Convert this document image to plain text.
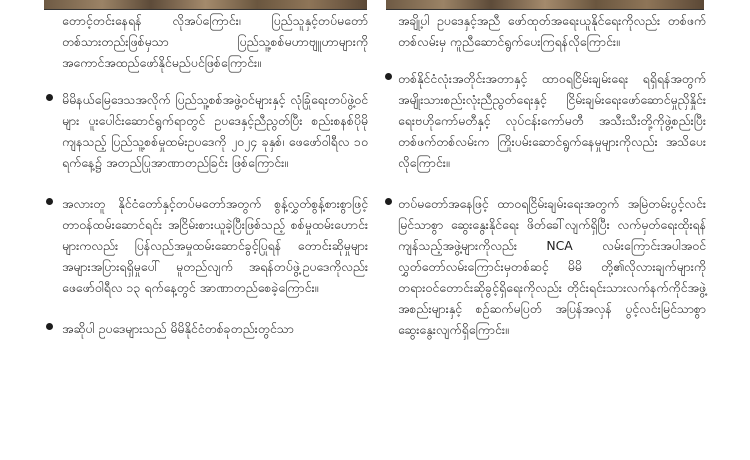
တောင့်တင်းနေရန် လိုအပ်ကြောင်း၊ ပြည်သူနှင့်တပ်မတော် တစ်သားတည်းဖြစ်မှသာ ပြည်သူ့စစ်မဟာဗျူဟာများကို အကောင်အထည်ဖော်နိုင်မည်ပင်ဖြစ်ကြောင်း။
မိမိနယ်မြေဒေသအလိုက် ပြည်သူ့စစ်အဖွဲ့ဝင်များနှင့် လုံခြုံရေးတပ်ဖွဲ့ဝင်များ ပူးပေါင်းဆောင်ရွက်ရာတွင် ဥပဒေနှင့်ညီညွတ်ပြီး စည်းစနစ်ပိုမိုကျနသည့် ပြည်သူ့စစ်မှုထမ်းဥပဒေကို ၂၀၂၄ ခုနှစ်၊ ဖေဖော်ဝါရီလ ၁၀ ရက်နေ့၌ အတည်ပြုအာဏာတည်ခြင်း ဖြစ်ကြောင်း။
အလားတူ နိုင်ငံတော်နှင့်တပ်မတော်အတွက် စွန့်လွှတ်စွန့်စားစွာဖြင့် တာဝန်ထမ်းဆောင်ရင်း အငြိမ်းစားယူခဲ့ပြီးဖြစ်သည့် စစ်မှုထမ်းဟောင်းများကလည်း ပြန်လည်အမှုထမ်းဆောင်ခွင့်ပြုရန် တောင်းဆိုမှုများ အများအပြားရရှိမှုပေါ် မူတည်လျက် အရန်တပ်ဖွဲ့ဥပဒေကိုလည်း ဖေဖော်ဝါရီလ ၁၃ ရက်နေ့တွင် အာဏာတည်စေခဲ့ကြောင်း။
အဆိုပါ ဥပဒေများသည် မိမိနိုင်ငံတစ်ခုတည်းတွင်သာ
အချို့ပါ ဥပဒေနှင့်အညီ ဖော်ထုတ်အရေးယူနိုင်ရေးကိုလည်း တစ်ဖက်တစ်လမ်းမှ ကူညီဆောင်ရွက်ပေးကြရန်လိုကြောင်း။
တစ်နိုင်ငံလုံးအတိုင်းအတာနှင့် ထာဝရငြိမ်းချမ်းရေး ရရှိရန်အတွက် အမျိုးသားစည်းလုံးညီညွတ်ရေးနှင့် ငြိမ်းချမ်းရေးဖော်ဆောင်မှုညှိနှိုင်းရေးဗဟိုကော်မတီနှင့် လုပ်ငန်းကော်မတီ အသီးသီးတို့ကိုဖွဲ့စည်းပြီး တစ်ဖက်တစ်လမ်းက ကြိုးပမ်းဆောင်ရွက်နေမှုများကိုလည်း အသိပေးလိုကြောင်း။
တပ်မတော်အနေဖြင့် ထာဝရငြိမ်းချမ်းရေးအတွက် အမြဲတမ်းပွင့်လင်းမြင်သာစွာ ဆွေးနွေးနိုင်ရေး ဖိတ်ခေါ်လျက်ရှိပြီး လက်မှတ်ရေးထိုးရန် ကျန်သည့်အဖွဲ့များကိုလည်း NCA လမ်းကြောင်းအပါအဝင် လွှတ်တော်လမ်းကြောင်းမှတစ်ဆင့် မိမိ တို့၏လိုလားချက်များကို တရားဝင်တောင်းဆိုခွင့်ရှိရေးကိုလည်း တိုင်းရင်းသားလက်နက်ကိုင်အဖွဲ့အစည်းများနှင့် စဉ်ဆက်မပြတ် အပြန်အလှန် ပွင့်လင်းမြင်သာစွာ ဆွေးနွေးလျက်ရှိကြောင်း။
